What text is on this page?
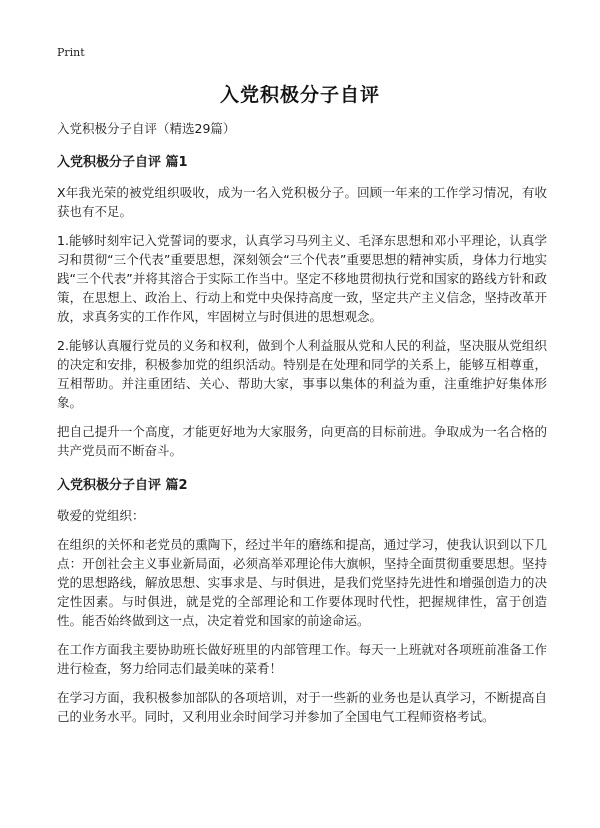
Print
入党积极分子自评
入党积极分子自评（精选29篇）
入党积极分子自评 篇1

X年我光荣的被党组织吸收，成为一名入党积极分子。回顾一年来的工作学习情况，有收获也有不足。

1.能够时刻牢记入党誓词的要求，认真学习马列主义、毛泽东思想和邓小平理论，认真学习和贯彻“三个代表”重要思想，深刻领会“三个代表”重要思想的精神实质，身体力行地实践“三个代表”并将其溶合于实际工作当中。坚定不移地贯彻执行党和国家的路线方针和政策，在思想上、政治上、行动上和党中央保持高度一致，坚定共产主义信念，坚持改革开放，求真务实的工作作风，牢固树立与时俱进的思想观念。

2.能够认真履行党员的义务和权利，做到个人利益服从党和人民的利益，坚决服从党组织的决定和安排，积极参加党的组织活动。特别是在处理和同学的关系上，能够互相尊重，互相帮助。并注重团结、关心、帮助大家，事事以集体的利益为重，注重维护好集体形象。

把自己提升一个高度，才能更好地为大家服务，向更高的目标前进。争取成为一名合格的共产党员而不断奋斗。

入党积极分子自评 篇2

敬爱的党组织：

在组织的关怀和老党员的熏陶下，经过半年的磨练和提高，通过学习，使我认识到以下几点：开创社会主义事业新局面，必须高举邓理论伟大旗帜，坚持全面贯彻重要思想。坚持党的思想路线，解放思想、实事求是、与时俱进，是我们党坚持先进性和增强创造力的决定性因素。与时俱进，就是党的全部理论和工作要体现时代性，把握规律性，富于创造性。能否始终做到这一点，决定着党和国家的前途命运。

在工作方面我主要协助班长做好班里的内部管理工作。每天一上班就对各项班前准备工作进行检查，努力给同志们最美味的菜肴！

在学习方面，我积极参加部队的各项培训，对于一些新的业务也是认真学习，不断提高自己的业务水平。同时，又利用业余时间学习并参加了全国电气工程师资格考试。
